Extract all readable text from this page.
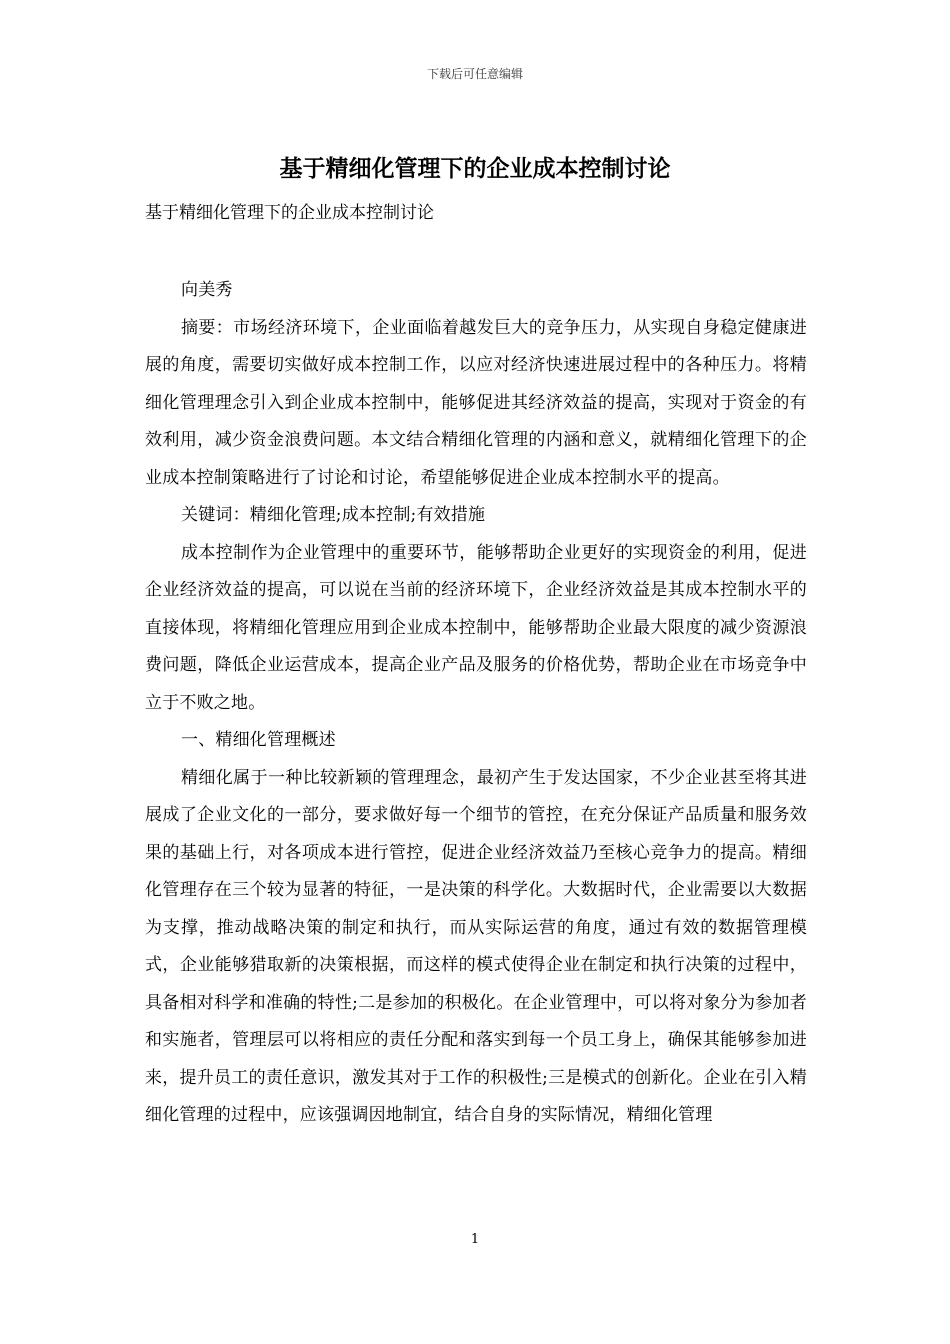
下载后可任意编辑
基于精细化管理下的企业成本控制讨论

基于精细化管理下的企业成本控制讨论

向美秀

摘要：市场经济环境下，企业面临着越发巨大的竞争压力，从实现自身稳定健康进展的角度，需要切实做好成本控制工作，以应对经济快速进展过程中的各种压力。将精细化管理理念引入到企业成本控制中，能够促进其经济效益的提高，实现对于资金的有效利用，减少资金浪费问题。本文结合精细化管理的内涵和意义，就精细化管理下的企业成本控制策略进行了讨论和讨论，希望能够促进企业成本控制水平的提高。

关键词：精细化管理;成本控制;有效措施

成本控制作为企业管理中的重要环节，能够帮助企业更好的实现资金的利用，促进企业经济效益的提高，可以说在当前的经济环境下，企业经济效益是其成本控制水平的直接体现，将精细化管理应用到企业成本控制中，能够帮助企业最大限度的减少资源浪费问题，降低企业运营成本，提高企业产品及服务的价格优势，帮助企业在市场竞争中立于不败之地。

一、精细化管理概述

精细化属于一种比较新颖的管理理念，最初产生于发达国家，不少企业甚至将其进展成了企业文化的一部分，要求做好每一个细节的管控，在充分保证产品质量和服务效果的基础上行，对各项成本进行管控，促进企业经济效益乃至核心竞争力的提高。精细化管理存在三个较为显著的特征，一是决策的科学化。大数据时代，企业需要以大数据为支撑，推动战略决策的制定和执行，而从实际运营的角度，通过有效的数据管理模式，企业能够猎取新的决策根据，而这样的模式使得企业在制定和执行决策的过程中，具备相对科学和准确的特性;二是参加的积极化。在企业管理中，可以将对象分为参加者和实施者，管理层可以将相应的责任分配和落实到每一个员工身上，确保其能够参加进来，提升员工的责任意识，激发其对于工作的积极性;三是模式的创新化。企业在引入精细化管理的过程中，应该强调因地制宜，结合自身的实际情况，精细化管理

1
